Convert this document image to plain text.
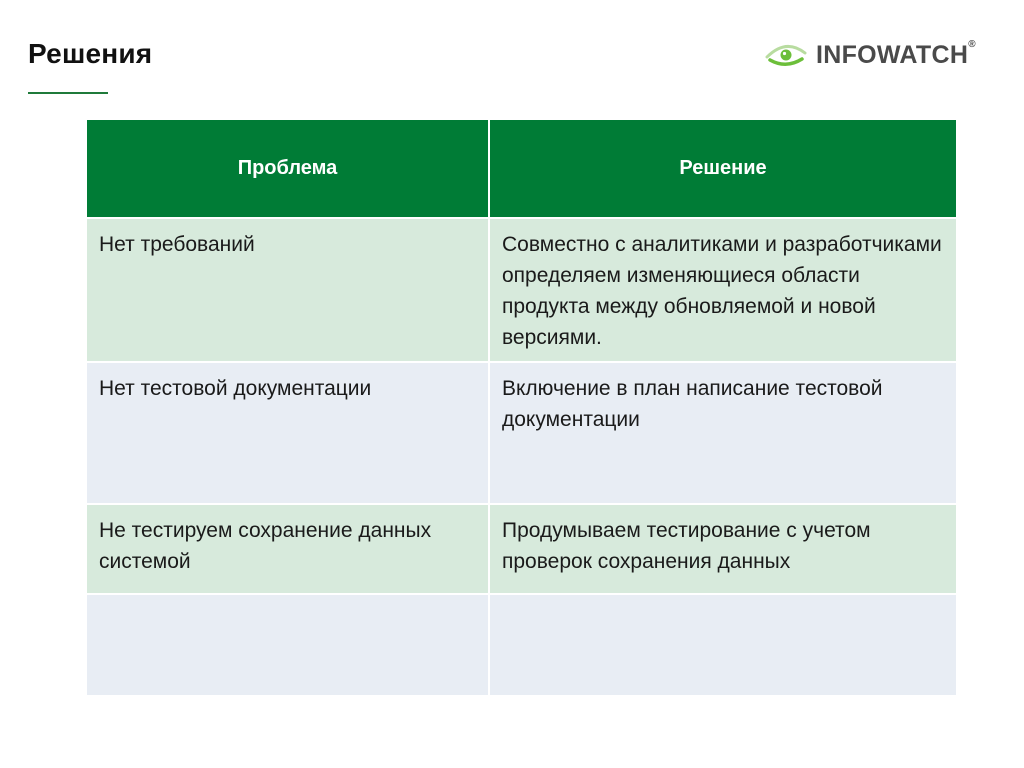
Решения	INFOWATCH®
Проблема	Решение
Нет требований	Совместно с аналитиками и разработчиками определяем изменяющиеся области продукта между обновляемой и новой версиями.
Нет тестовой документации	Включение в план написание тестовой документации
Не тестируем сохранение данных системой	Продумываем тестирование с учетом проверок сохранения данных
